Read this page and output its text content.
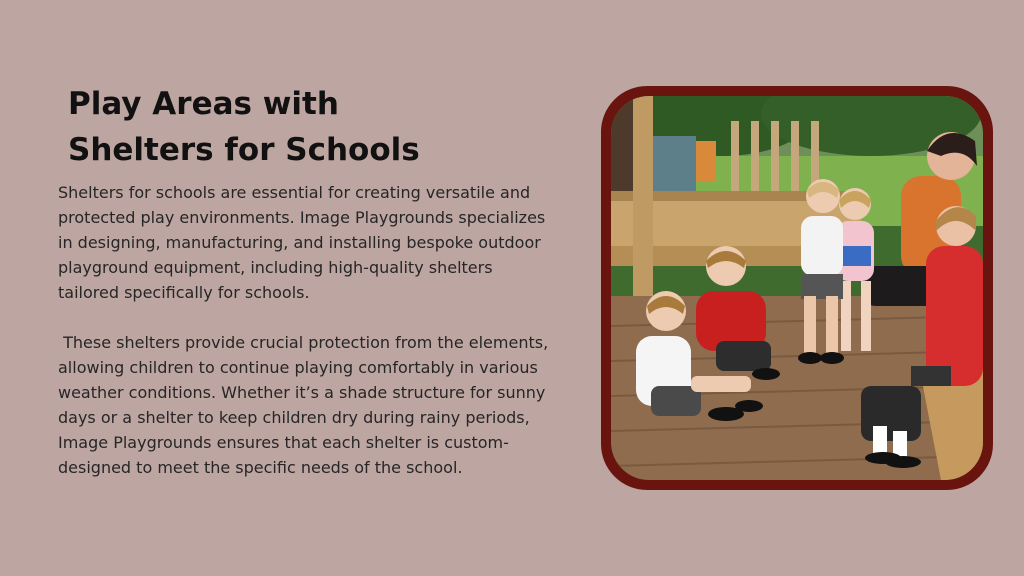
Play Areas with
Shelters for Schools

Shelters for schools are essential for creating versatile and protected play environments. Image Playgrounds specializes in designing, manufacturing, and installing bespoke outdoor playground equipment, including high-quality shelters tailored specifically for schools.

These shelters provide crucial protection from the elements, allowing children to continue playing comfortably in various weather conditions. Whether it’s a shade structure for sunny days or a shelter to keep children dry during rainy periods, Image Playgrounds ensures that each shelter is custom-designed to meet the specific needs of the school.
